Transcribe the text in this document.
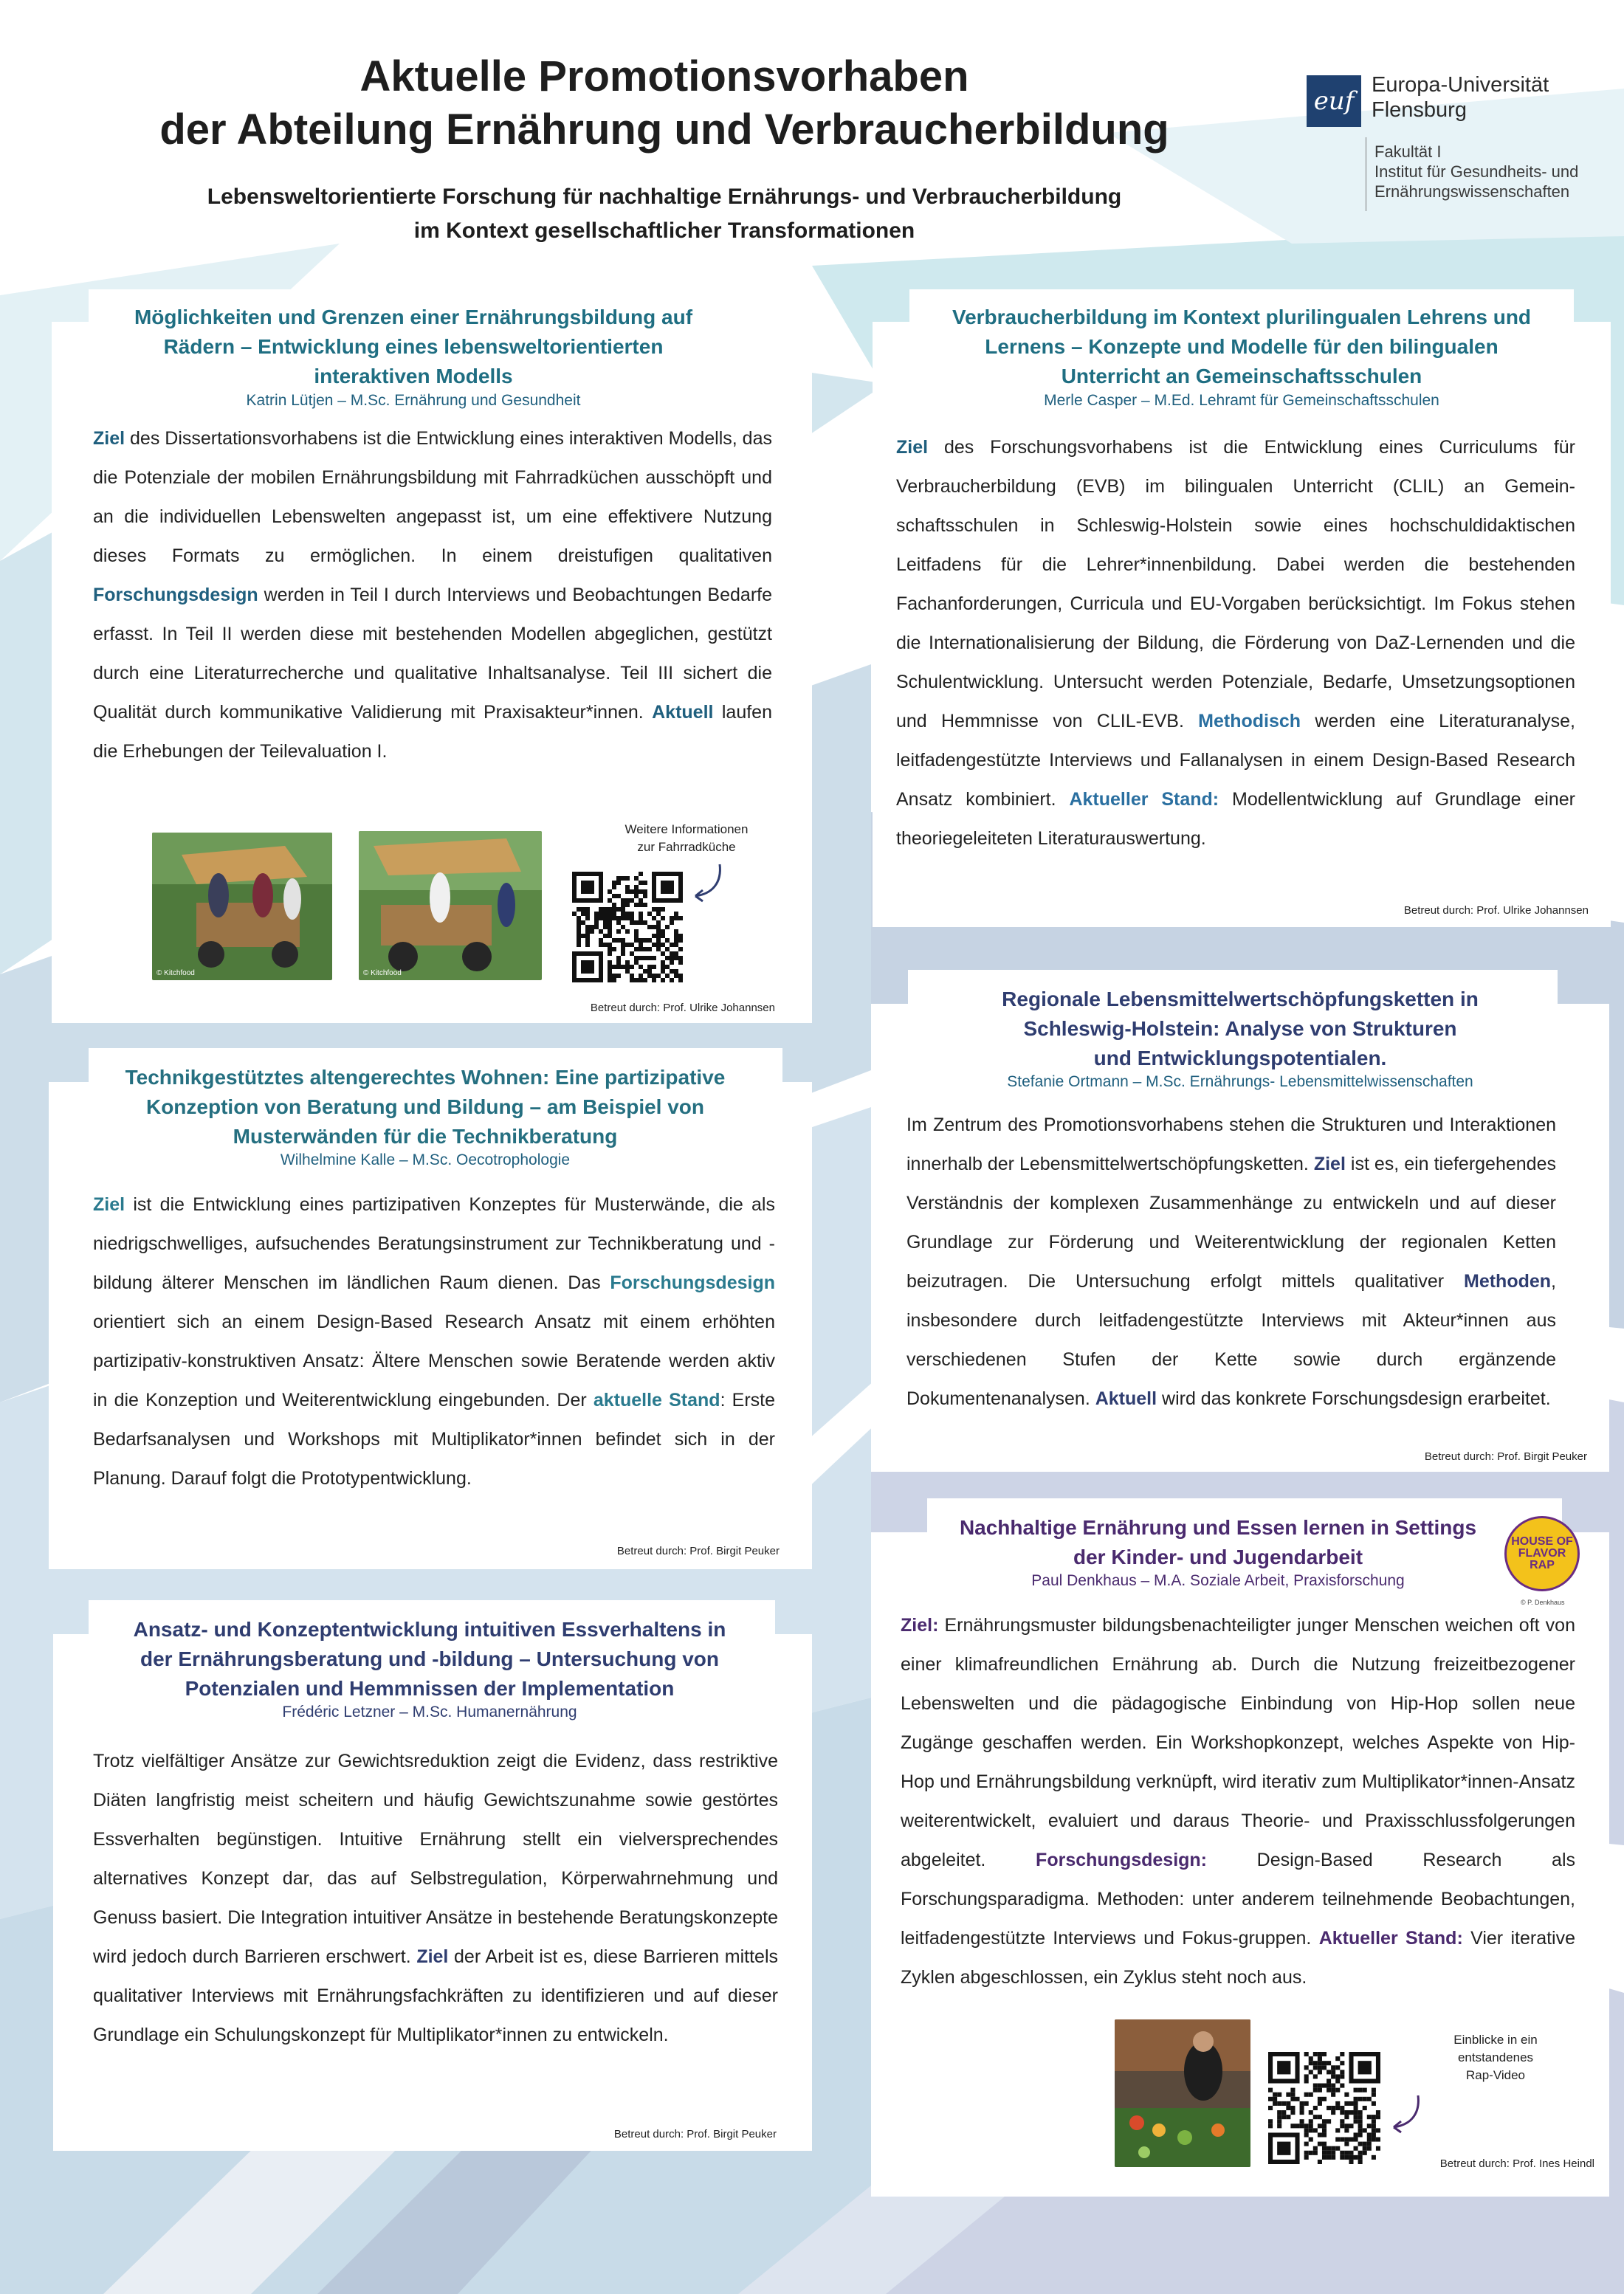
Aktuelle Promotionsvorhaben
der Abteilung Ernährung und Verbraucherbildung

Lebensweltorientierte Forschung für nachhaltige Ernährungs- und Verbraucherbildung
im Kontext gesellschaftlicher Transformationen

euf
Europa-Universität
Flensburg
Fakultät I
Institut für Gesundheits- und
Ernährungswissenschaften
Möglichkeiten und Grenzen einer Ernährungsbildung auf
Rädern – Entwicklung eines lebensweltorientierten
interaktiven Modells
Katrin Lütjen – M.Sc. Ernährung und Gesundheit

Ziel des Dissertationsvorhabens ist die Entwicklung eines interaktiven Modells, das die Potenziale der mobilen Ernährungsbildung mit Fahrradküchen ausschöpft und an die individuellen Lebenswelten angepasst ist, um eine effektivere Nutzung dieses Formats zu ermöglichen. In einem dreistufigen qualitativen Forschungsdesign werden in Teil I durch Interviews und Beobachtungen Bedarfe erfasst. In Teil II werden diese mit bestehenden Modellen abgeglichen, gestützt durch eine Literaturrecherche und qualitative Inhaltsanalyse. Teil III sichert die Qualität durch kommunikative Validierung mit Praxisakteur*innen. Aktuell laufen die Erhebungen der Teilevaluation I.

© Kitchfood	© Kitchfood
Weitere Informationen
zur Fahrradküche
Betreut durch: Prof. Ulrike Johannsen
Verbraucherbildung im Kontext plurilingualen Lehrens und
Lernens – Konzepte und Modelle für den bilingualen
Unterricht an Gemeinschaftsschulen
Merle Casper – M.Ed. Lehramt für Gemeinschaftsschulen

Ziel des Forschungsvorhabens ist die Entwicklung eines Curriculums für Verbraucherbildung (EVB) im bilingualen Unterricht (CLIL) an Gemeinschaftsschulen in Schleswig-Holstein sowie eines hochschuldidaktischen Leitfadens für die Lehrer*innenbildung. Dabei werden die bestehenden Fachanforderungen, Curricula und EU-Vorgaben berücksichtigt. Im Fokus stehen die Internationalisierung der Bildung, die Förderung von DaZ-Lernenden und die Schulentwicklung. Untersucht werden Potenziale, Bedarfe, Umsetzungsoptionen und Hemmnisse von CLIL-EVB. Methodisch werden eine Literaturanalyse, leitfadengestützte Interviews und Fallanalysen in einem Design-Based Research Ansatz kombiniert. Aktueller Stand: Modellentwicklung auf Grundlage einer theoriegeleiteten Literaturauswertung.

Betreut durch: Prof. Ulrike Johannsen
Technikgestütztes altengerechtes Wohnen: Eine partizipative
Konzeption von Beratung und Bildung – am Beispiel von
Musterwänden für die Technikberatung
Wilhelmine Kalle – M.Sc. Oecotrophologie

Ziel ist die Entwicklung eines partizipativen Konzeptes für Musterwände, die als niedrigschwelliges, aufsuchendes Beratungsinstrument zur Technikberatung und -bildung älterer Menschen im ländlichen Raum dienen. Das Forschungsdesign orientiert sich an einem Design-Based Research Ansatz mit einem erhöhten partizipativ-konstruktiven Ansatz: Ältere Menschen sowie Beratende werden aktiv in die Konzeption und Weiterentwicklung eingebunden. Der aktuelle Stand: Erste Bedarfsanalysen und Workshops mit Multiplikator*innen befindet sich in der Planung. Darauf folgt die Prototypentwicklung.

Betreut durch: Prof. Birgit Peuker
Regionale Lebensmittelwertschöpfungsketten in
Schleswig-Holstein: Analyse von Strukturen
und Entwicklungspotentialen.
Stefanie Ortmann – M.Sc. Ernährungs- Lebensmittelwissenschaften

Im Zentrum des Promotionsvorhabens stehen die Strukturen und Interaktionen innerhalb der Lebensmittelwertschöpfungsketten. Ziel ist es, ein tiefergehendes Verständnis der komplexen Zusammenhänge zu entwickeln und auf dieser Grundlage zur Förderung und Weiterentwicklung der regionalen Ketten beizutragen. Die Untersuchung erfolgt mittels qualitativer Methoden, insbesondere durch leitfadengestützte Interviews mit Akteur*innen aus verschiedenen Stufen der Kette sowie durch ergänzende Dokumentenanalysen. Aktuell wird das konkrete Forschungsdesign erarbeitet.

Betreut durch: Prof. Birgit Peuker
Ansatz- und Konzeptentwicklung intuitiven Essverhaltens in
der Ernährungsberatung und -bildung – Untersuchung von
Potenzialen und Hemmnissen der Implementation
Frédéric Letzner – M.Sc. Humanernährung

Trotz vielfältiger Ansätze zur Gewichtsreduktion zeigt die Evidenz, dass restriktive Diäten langfristig meist scheitern und häufig Gewichtszunahme sowie gestörtes Essverhalten begünstigen. Intuitive Ernährung stellt ein vielversprechendes alternatives Konzept dar, das auf Selbstregulation, Körperwahrnehmung und Genuss basiert. Die Integration intuitiver Ansätze in bestehende Beratungskonzepte wird jedoch durch Barrieren erschwert. Ziel der Arbeit ist es, diese Barrieren mittels qualitativer Interviews mit Ernährungsfachkräften zu identifizieren und auf dieser Grundlage ein Schulungskonzept für Multiplikator*innen zu entwickeln.

Betreut durch: Prof. Birgit Peuker
Nachhaltige Ernährung und Essen lernen in Settings
der Kinder- und Jugendarbeit
Paul Denkhaus – M.A. Soziale Arbeit, Praxisforschung
HOUSE OF
FLAVOR
RAP
© P. Denkhaus

Ziel: Ernährungsmuster bildungsbenachteiligter junger Menschen weichen oft von einer klimafreundlichen Ernährung ab. Durch die Nutzung freizeitbezogener Lebenswelten und die pädagogische Einbindung von Hip-Hop sollen neue Zugänge geschaffen werden. Ein Workshopkonzept, welches Aspekte von Hip-Hop und Ernährungsbildung verknüpft, wird iterativ zum Multiplikator*innen-Ansatz weiterentwickelt, evaluiert und daraus Theorie- und Praxisschlussfolgerungen abgeleitet. Forschungsdesign: Design-Based Research als Forschungsparadigma. Methoden: unter anderem teilnehmende Beobachtungen, leitfadengestützte Interviews und Fokus-gruppen. Aktueller Stand: Vier iterative Zyklen abgeschlossen, ein Zyklus steht noch aus.

Einblicke in ein
entstandenes
Rap-Video
Betreut durch: Prof. Ines Heindl
